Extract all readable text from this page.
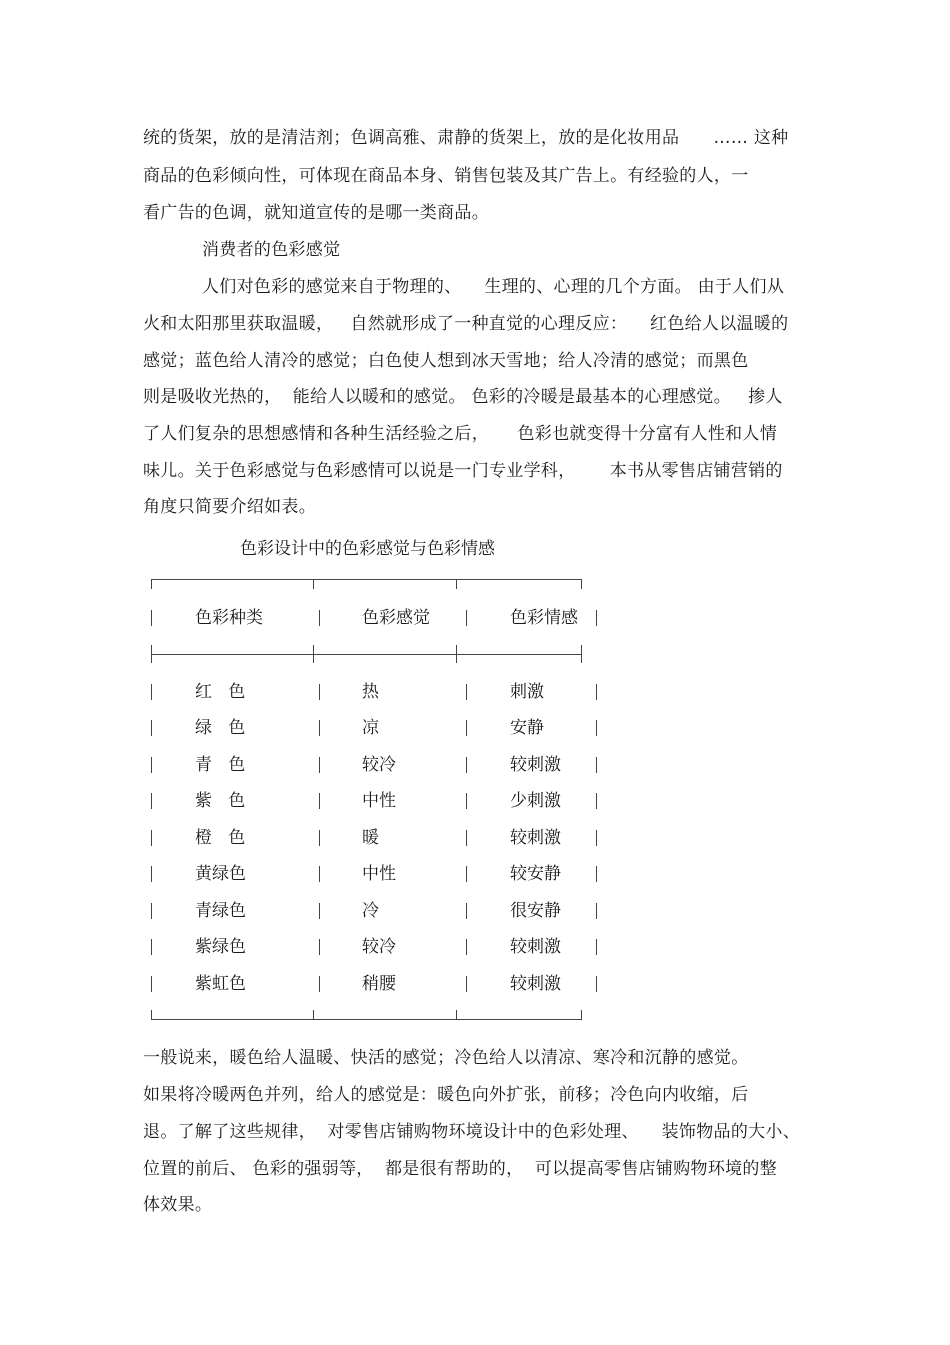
统的货架，放的是清洁剂；色调高雅、肃静的货架上，放的是化妆用品      …… 这种
商品的色彩倾向性，可体现在商品本身、销售包装及其广告上。有经验的人，一
看广告的色调，就知道宣传的是哪一类商品。
消费者的色彩感觉
人们对色彩的感觉来自于物理的、    生理的、心理的几个方面。 由于人们从
火和太阳那里获取温暖，   自然就形成了一种直觉的心理反应：    红色给人以温暖的
感觉；蓝色给人清冷的感觉；白色使人想到冰天雪地；给人冷清的感觉；而黑色
则是吸收光热的，  能给人以暖和的感觉。 色彩的冷暖是最基本的心理感觉。   掺人
了人们复杂的思想感情和各种生活经验之后，     色彩也就变得十分富有人性和人情
味儿。关于色彩感觉与色彩感情可以说是一门专业学科，      本书从零售店铺营销的
角度只简要介绍如表。
色彩设计中的色彩感觉与色彩情感
色彩种类	色彩感觉	色彩情感
红   色	热	刺激
绿   色	凉	安静
青   色	较冷	较刺激
紫   色	中性	少刺激
橙   色	暖	较刺激
黄绿色	中性	较安静
青绿色	冷	很安静
紫绿色	较冷	较刺激
紫虹色	稍腰	较刺激
一般说来，暖色给人温暖、快活的感觉；冷色给人以清凉、寒冷和沉静的感觉。
如果将冷暖两色并列，给人的感觉是：暖色向外扩张，前移；冷色向内收缩，后
退。了解了这些规律，  对零售店铺购物环境设计中的色彩处理、    装饰物品的大小、
位置的前后、 色彩的强弱等，  都是很有帮助的，  可以提高零售店铺购物环境的整
体效果。
